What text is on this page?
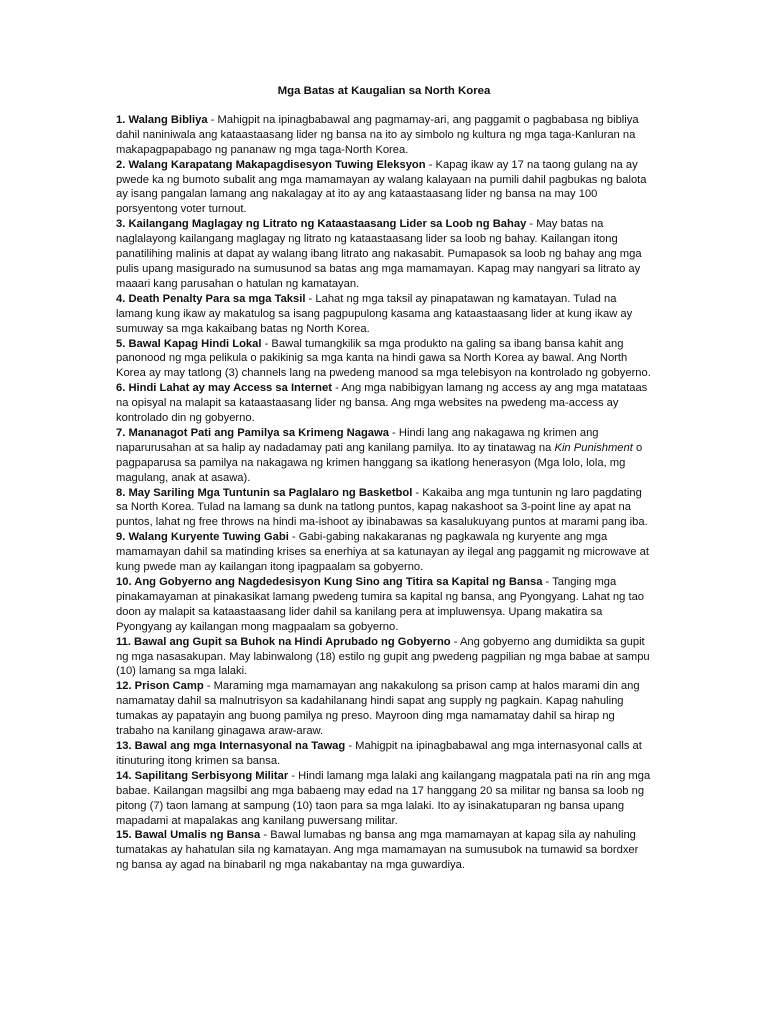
Mga Batas at Kaugalian sa North Korea

1. Walang Bibliya - Mahigpit na ipinagbabawal ang pagmamay-ari, ang paggamit o pagbabasa ng bibliya dahil naniniwala ang kataastaasang lider ng bansa na ito ay simbolo ng kultura ng mga taga-Kanluran na makapagpapabago ng pananaw ng mga taga-North Korea.

2. Walang Karapatang Makapagdisesyon Tuwing Eleksyon - Kapag ikaw ay 17 na taong gulang na ay pwede ka ng bumoto subalit ang mga mamamayan ay walang kalayaan na pumili dahil pagbukas ng balota ay isang pangalan lamang ang nakalagay at ito ay ang kataastaasang lider ng bansa na may 100 porsyentong voter turnout.

3. Kailangang Maglagay ng Litrato ng Kataastaasang Lider sa Loob ng Bahay - May batas na naglalayong kailangang maglagay ng litrato ng kataastaasang lider sa loob ng bahay. Kailangan itong panatilihing malinis at dapat ay walang ibang litrato ang nakasabit. Pumapasok sa loob ng bahay ang mga pulis upang masigurado na sumusunod sa batas ang mga mamamayan. Kapag may nangyari sa litrato ay maaari kang parusahan o hatulan ng kamatayan.

4. Death Penalty Para sa mga Taksil - Lahat ng mga taksil ay pinapatawan ng kamatayan. Tulad na lamang kung ikaw ay makatulog sa isang pagpupulong kasama ang kataastaasang lider at kung ikaw ay sumuway sa mga kakaibang batas ng North Korea.

5. Bawal Kapag Hindi Lokal - Bawal tumangkilik sa mga produkto na galing sa ibang bansa kahit ang panonood ng mga pelikula o pakikinig sa mga kanta na hindi gawa sa North Korea ay bawal. Ang North Korea ay may tatlong (3) channels lang na pwedeng manood sa mga telebisyon na kontrolado ng gobyerno.

6. Hindi Lahat ay may Access sa Internet - Ang mga nabibigyan lamang ng access ay ang mga matataas na opisyal na malapit sa kataastaasang lider ng bansa. Ang mga websites na pwedeng ma-access ay kontrolado din ng gobyerno.

7. Mananagot Pati ang Pamilya sa Krimeng Nagawa - Hindi lang ang nakagawa ng krimen ang naparurusahan at sa halip ay nadadamay pati ang kanilang pamilya. Ito ay tinatawag na Kin Punishment o pagpaparusa sa pamilya na nakagawa ng krimen hanggang sa ikatlong henerasyon (Mga lolo, lola, mg magulang, anak at asawa).

8. May Sariling Mga Tuntunin sa Paglalaro ng Basketbol - Kakaiba ang mga tuntunin ng laro pagdating sa North Korea. Tulad na lamang sa dunk na tatlong puntos, kapag nakashoot sa 3-point line ay apat na puntos, lahat ng free throws na hindi ma-ishoot ay ibinabawas sa kasalukuyang puntos at marami pang iba.

9. Walang Kuryente Tuwing Gabi - Gabi-gabing nakakaranas ng pagkawala ng kuryente ang mga mamamayan dahil sa matinding krises sa enerhiya at sa katunayan ay ilegal ang paggamit ng microwave at kung pwede man ay kailangan itong ipagpaalam sa gobyerno.

10. Ang Gobyerno ang Nagdedesisyon Kung Sino ang Titira sa Kapital ng Bansa - Tanging mga pinakamayaman at pinakasikat lamang pwedeng tumira sa kapital ng bansa, ang Pyongyang. Lahat ng tao doon ay malapit sa kataastaasang lider dahil sa kanilang pera at impluwensya. Upang makatira sa Pyongyang ay kailangan mong magpaalam sa gobyerno.

11. Bawal ang Gupit sa Buhok na Hindi Aprubado ng Gobyerno - Ang gobyerno ang dumidikta sa gupit ng mga nasasakupan. May labinwalong (18) estilo ng gupit ang pwedeng pagpilian ng mga babae at sampu (10) lamang sa mga lalaki.

12. Prison Camp - Maraming mga mamamayan ang nakakulong sa prison camp at halos marami din ang namamatay dahil sa malnutrisyon sa kadahilanang hindi sapat ang supply ng pagkain. Kapag nahuling tumakas ay papatayin ang buong pamilya ng preso. Mayroon ding mga namamatay dahil sa hirap ng trabaho na kanilang ginagawa araw-araw.

13. Bawal ang mga Internasyonal na Tawag - Mahigpit na ipinagbabawal ang mga internasyonal calls at itinuturing itong krimen sa bansa.

14. Sapilitang Serbisyong Militar - Hindi lamang mga lalaki ang kailangang magpatala pati na rin ang mga babae. Kailangan magsilbi ang mga babaeng may edad na 17 hanggang 20 sa militar ng bansa sa loob ng pitong (7) taon lamang at sampung (10) taon para sa mga lalaki. Ito ay isinakatuparan ng bansa upang mapadami at mapalakas ang kanilang puwersang militar.

15. Bawal Umalis ng Bansa - Bawal lumabas ng bansa ang mga mamamayan at kapag sila ay nahuling tumatakas ay hahatulan sila ng kamatayan. Ang mga mamamayan na sumusubok na tumawid sa bordxer ng bansa ay agad na binabaril ng mga nakabantay na mga guwardiya.
